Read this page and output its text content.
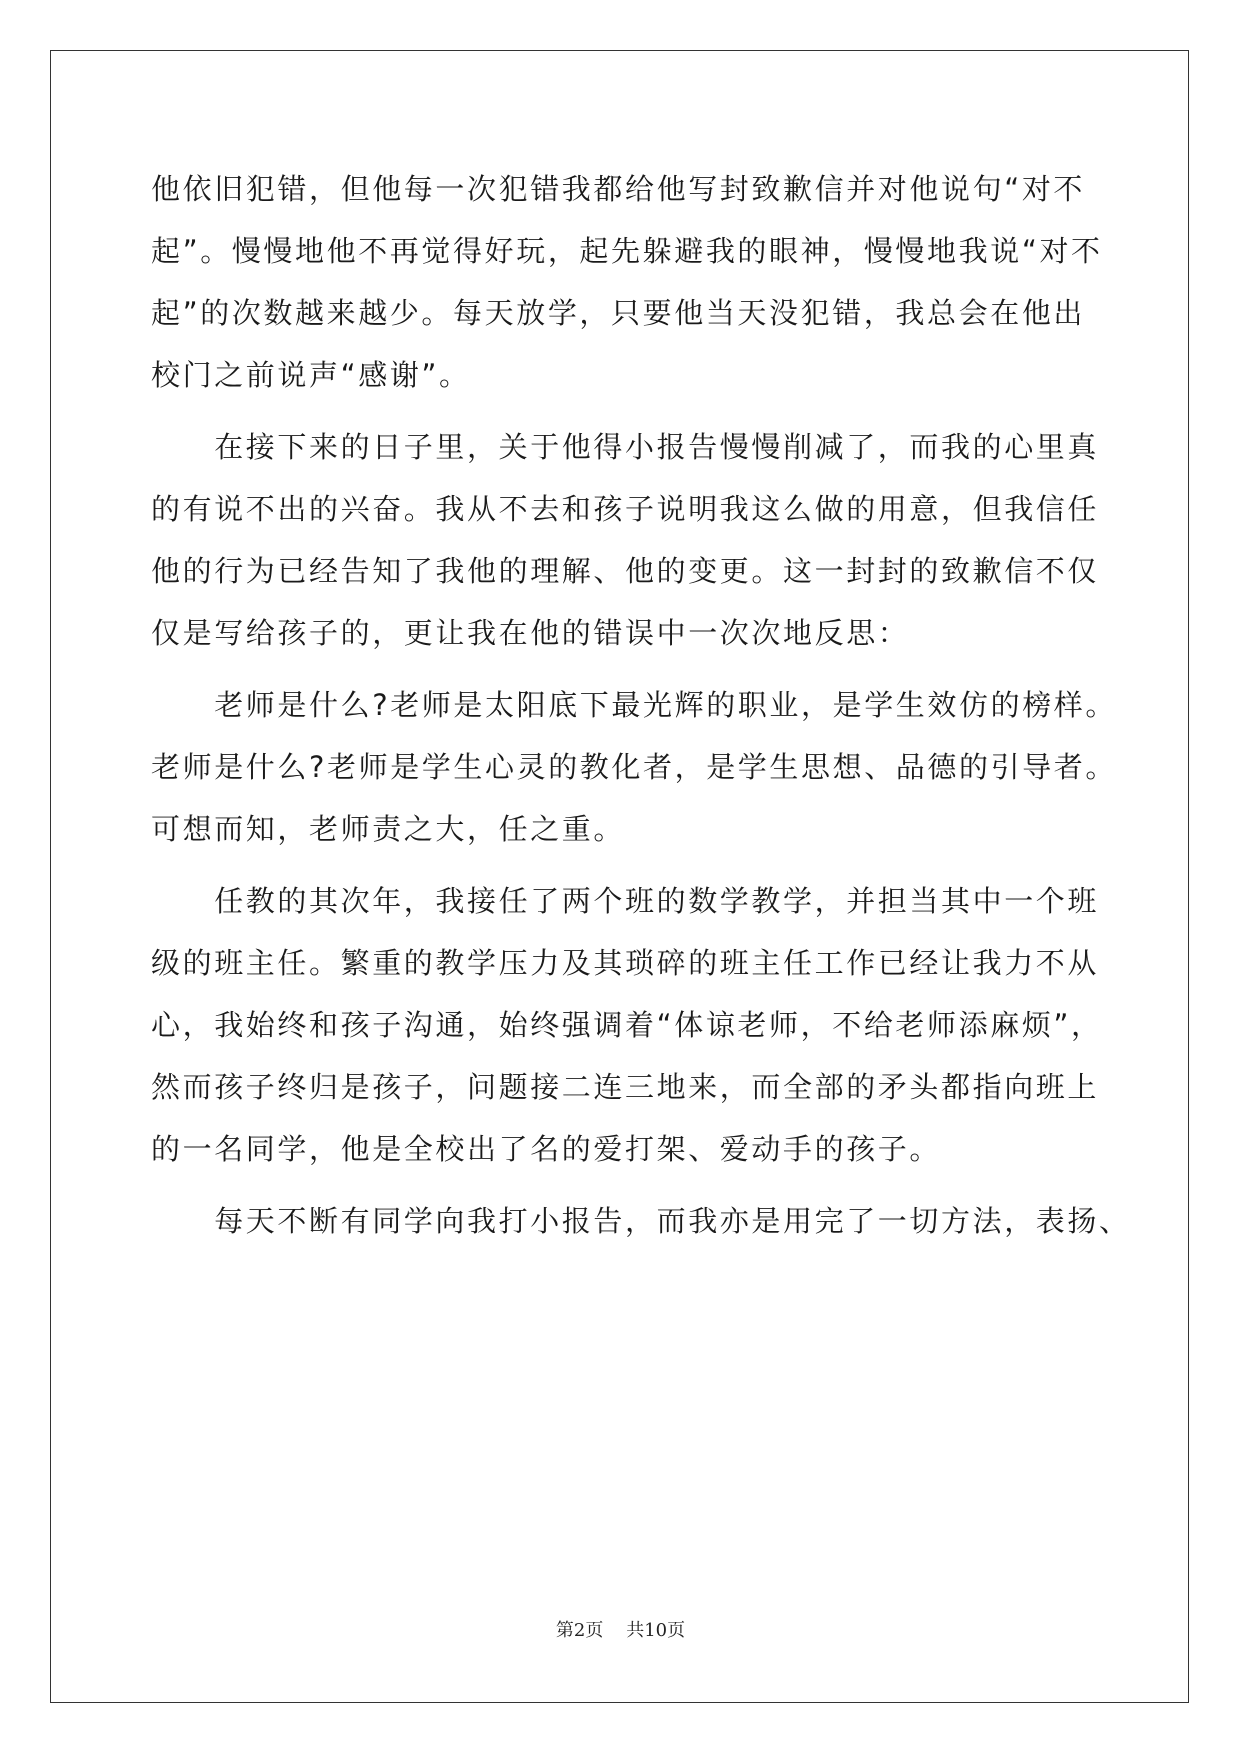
他依旧犯错，但他每一次犯错我都给他写封致歉信并对他说句“对不
起”。慢慢地他不再觉得好玩，起先躲避我的眼神，慢慢地我说“对不
起”的次数越来越少。每天放学，只要他当天没犯错，我总会在他出
校门之前说声“感谢”。
　　在接下来的日子里，关于他得小报告慢慢削减了，而我的心里真
的有说不出的兴奋。我从不去和孩子说明我这么做的用意，但我信任
他的行为已经告知了我他的理解、他的变更。这一封封的致歉信不仅
仅是写给孩子的，更让我在他的错误中一次次地反思：
　　老师是什么?老师是太阳底下最光辉的职业，是学生效仿的榜样。
老师是什么?老师是学生心灵的教化者，是学生思想、品德的引导者。
可想而知，老师责之大，任之重。
　　任教的其次年，我接任了两个班的数学教学，并担当其中一个班
级的班主任。繁重的教学压力及其琐碎的班主任工作已经让我力不从
心，我始终和孩子沟通，始终强调着“体谅老师，不给老师添麻烦”，
然而孩子终归是孩子，问题接二连三地来，而全部的矛头都指向班上
的一名同学，他是全校出了名的爱打架、爱动手的孩子。
　　每天不断有同学向我打小报告，而我亦是用完了一切方法，表扬、
第2页 共10页
